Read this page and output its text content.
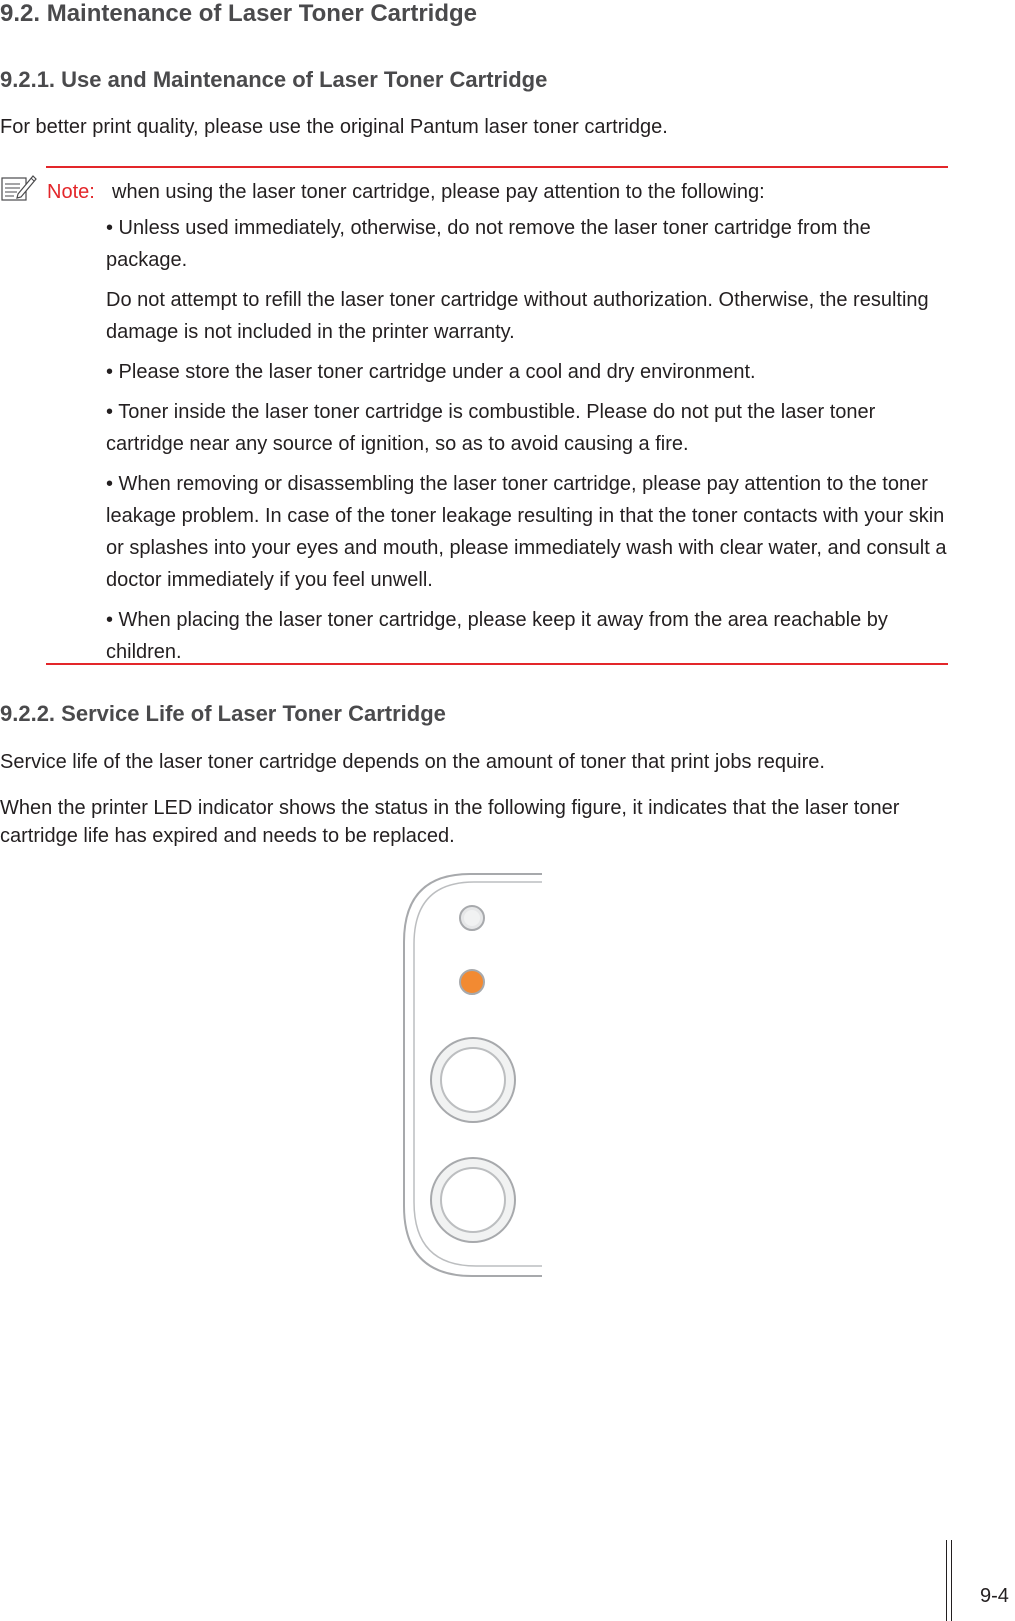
9.2. Maintenance of Laser Toner Cartridge
9.2.1. Use and Maintenance of Laser Toner Cartridge

For better print quality, please use the original Pantum laser toner cartridge.

Note: when using the laser toner cartridge, please pay attention to the following:

• Unless used immediately, otherwise, do not remove the laser toner cartridge from the package.

Do not attempt to refill the laser toner cartridge without authorization. Otherwise, the resulting damage is not included in the printer warranty.

• Please store the laser toner cartridge under a cool and dry environment.

• Toner inside the laser toner cartridge is combustible. Please do not put the laser toner cartridge near any source of ignition, so as to avoid causing a fire.

• When removing or disassembling the laser toner cartridge, please pay attention to the toner leakage problem. In case of the toner leakage resulting in that the toner contacts with your skin or splashes into your eyes and mouth, please immediately wash with clear water, and consult a doctor immediately if you feel unwell.

• When placing the laser toner cartridge, please keep it away from the area reachable by children.

9.2.2. Service Life of Laser Toner Cartridge

Service life of the laser toner cartridge depends on the amount of toner that print jobs require.

When the printer LED indicator shows the status in the following figure, it indicates that the laser toner cartridge life has expired and needs to be replaced.

9-4
